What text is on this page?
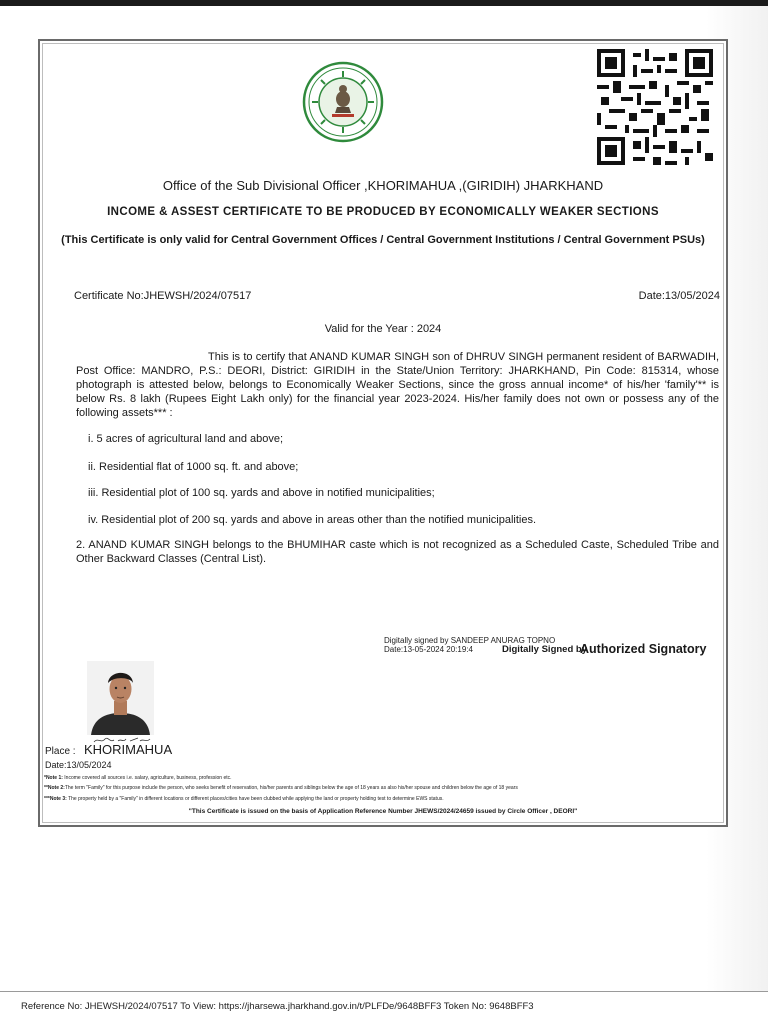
Office of the Sub Divisional Officer ,KHORIMAHUA ,(GIRIDIH) JHARKHAND
INCOME & ASSEST CERTIFICATE TO BE PRODUCED BY ECONOMICALLY WEAKER SECTIONS
(This Certificate is only valid for Central Government Offices / Central Government Institutions / Central Government PSUs)
Certificate No:JHEWSH/2024/07517	Date:13/05/2024
Valid for the Year : 2024
This is to certify that ANAND KUMAR SINGH son of DHRUV SINGH permanent resident of BARWADIH, Post Office: MANDRO, P.S.: DEORI, District: GIRIDIH in the State/Union Territory: JHARKHAND, Pin Code: 815314, whose photograph is attested below, belongs to Economically Weaker Sections, since the gross annual income* of his/her 'family'** is below Rs. 8 lakh (Rupees Eight Lakh only) for the financial year 2023-2024. His/her family does not own or possess any of the following assets*** :
i. 5 acres of agricultural land and above;
ii. Residential flat of 1000 sq. ft. and above;
iii. Residential plot of 100 sq. yards and above in notified municipalities;
iv. Residential plot of 200 sq. yards and above in areas other than the notified municipalities.
2. ANAND KUMAR SINGH belongs to the BHUMIHAR caste which is not recognized as a Scheduled Caste, Scheduled Tribe and Other Backward Classes (Central List).
Digitally signed by SANDEEP ANURAG TOPNO
Date:13-05-2024 20:19:4	Digitally Signed by
Authorized Signatory
Place : KHORIMAHUA
Date:13/05/2024
*Note 1: Income covered all sources i.e. salary, agriculture, business, profession etc.
**Note 2:The term "Family" for this purpose include the person, who seeks benefit of reservation, his/her parents and siblings below the age of 18 years as also his/her spouse and children below the age of 18 years
***Note 3: The property held by a "Family" in different locations or different places/cities have been clubbed while applying the land or property holding test to determine EWS status.
"This Certificate is issued on the basis of Application Reference Number JHEWS/2024/24659 issued by Circle Officer , DEORI"
Reference No: JHEWSH/2024/07517 To View: https://jharsewa.jharkhand.gov.in/t/PLFDe/9648BFF3 Token No: 9648BFF3
